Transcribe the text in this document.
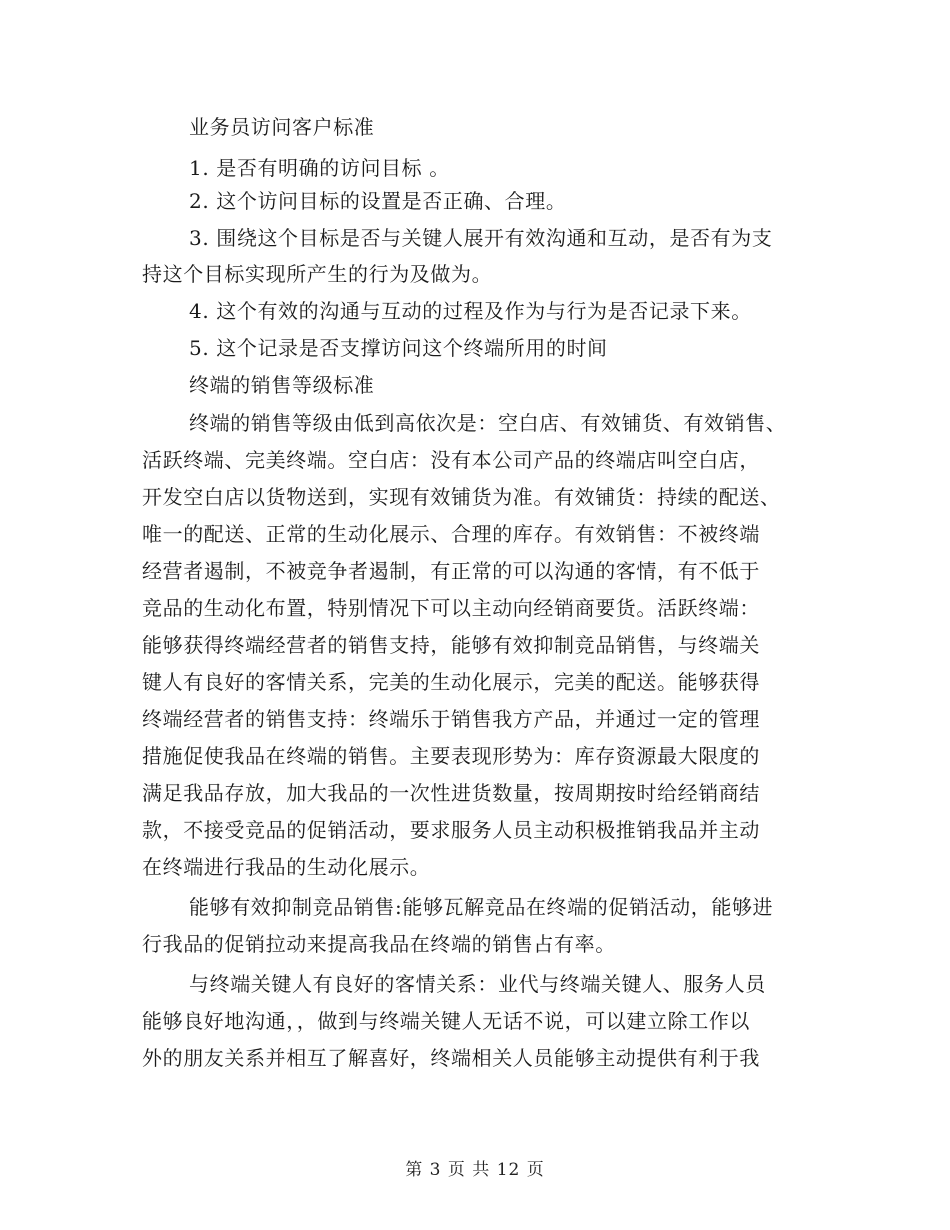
业务员访问客户标准
1. 是否有明确的访问目标 。
2. 这个访问目标的设置是否正确、合理。
3. 围绕这个目标是否与关键人展开有效沟通和互动，是否有为支
持这个目标实现所产生的行为及做为。
4. 这个有效的沟通与互动的过程及作为与行为是否记录下来。
5. 这个记录是否支撑访问这个终端所用的时间
终端的销售等级标准
终端的销售等级由低到高依次是：空白店、有效铺货、有效销售、
活跃终端、完美终端。空白店：没有本公司产品的终端店叫空白店，
开发空白店以货物送到，实现有效铺货为准。有效铺货：持续的配送、
唯一的配送、正常的生动化展示、合理的库存。有效销售：不被终端
经营者遏制，不被竞争者遏制，有正常的可以沟通的客情，有不低于
竞品的生动化布置，特别情况下可以主动向经销商要货。活跃终端：
能够获得终端经营者的销售支持，能够有效抑制竞品销售，与终端关
键人有良好的客情关系，完美的生动化展示，完美的配送。能够获得
终端经营者的销售支持：终端乐于销售我方产品，并通过一定的管理
措施促使我品在终端的销售。主要表现形势为：库存资源最大限度的
满足我品存放，加大我品的一次性进货数量，按周期按时给经销商结
款，不接受竞品的促销活动，要求服务人员主动积极推销我品并主动
在终端进行我品的生动化展示。
能够有效抑制竞品销售:能够瓦解竞品在终端的促销活动，能够进
行我品的促销拉动来提高我品在终端的销售占有率。
与终端关键人有良好的客情关系：业代与终端关键人、服务人员
能够良好地沟通，，做到与终端关键人无话不说，可以建立除工作以
外的朋友关系并相互了解喜好，终端相关人员能够主动提供有利于我
第 3 页 共 12 页
